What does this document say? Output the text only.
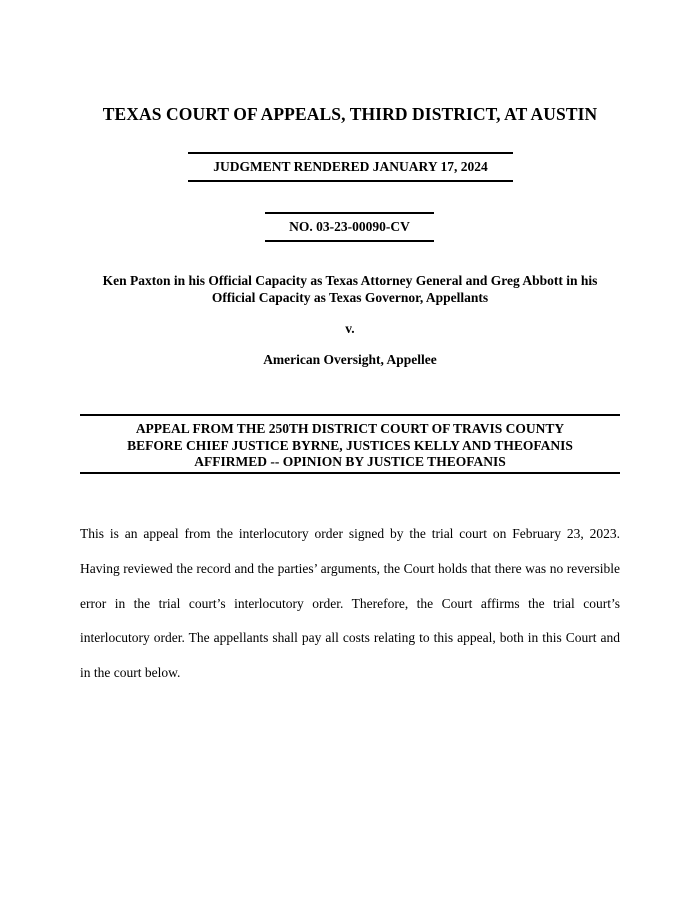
TEXAS COURT OF APPEALS, THIRD DISTRICT, AT AUSTIN
JUDGMENT RENDERED JANUARY 17, 2024
NO. 03-23-00090-CV
Ken Paxton in his Official Capacity as Texas Attorney General and Greg Abbott in his
Official Capacity as Texas Governor, Appellants
v.
American Oversight, Appellee
APPEAL FROM THE 250TH DISTRICT COURT OF TRAVIS COUNTY
BEFORE CHIEF JUSTICE BYRNE, JUSTICES KELLY AND THEOFANIS
AFFIRMED -- OPINION BY JUSTICE THEOFANIS

This is an appeal from the interlocutory order signed by the trial court on February 23, 2023. Having reviewed the record and the parties’ arguments, the Court holds that there was no reversible error in the trial court’s interlocutory order. Therefore, the Court affirms the trial court’s interlocutory order. The appellants shall pay all costs relating to this appeal, both in this Court and in the court below.
